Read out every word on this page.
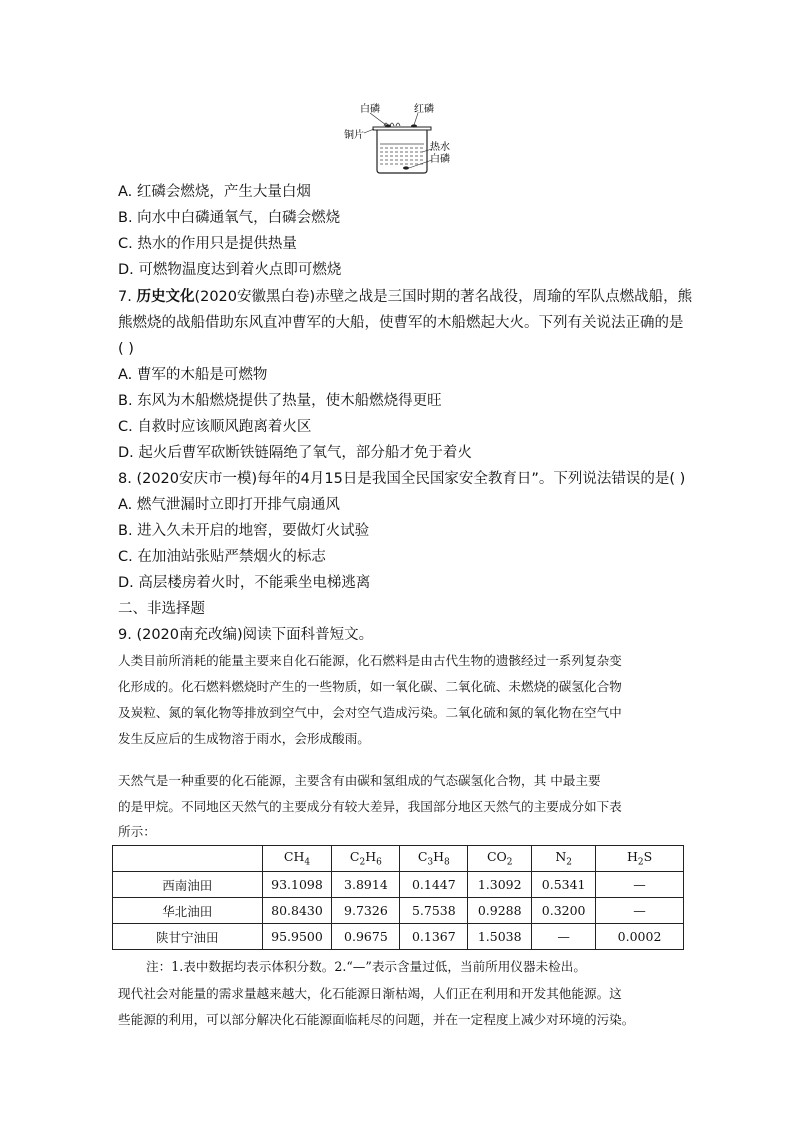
白磷	红磷
铜片
热水
白磷
A. 红磷会燃烧，产生大量白烟
B. 向水中白磷通氧气，白磷会燃烧
C. 热水的作用只是提供热量
D. 可燃物温度达到着火点即可燃烧
7. 历史文化(2020安徽黑白卷)赤壁之战是三国时期的著名战役，周瑜的军队点燃战船，熊
熊燃烧的战船借助东风直冲曹军的大船，使曹军的木船燃起大火。下列有关说法正确的是
( )
A. 曹军的木船是可燃物
B. 东风为木船燃烧提供了热量，使木船燃烧得更旺
C. 自救时应该顺风跑离着火区
D. 起火后曹军砍断铁链隔绝了氧气，部分船才免于着火
8. (2020安庆市一模)每年的4月15日是我国全民国家安全教育日”。下列说法错误的是( )
A. 燃气泄漏时立即打开排气扇通风
B. 进入久未开启的地窖，要做灯火试验
C. 在加油站张贴严禁烟火的标志
D. 高层楼房着火时，不能乘坐电梯逃离
二、非选择题
9. (2020南充改编)阅读下面科普短文。
人类目前所消耗的能量主要来自化石能源，化石燃料是由古代生物的遗骸经过一系列复杂变
化形成的。化石燃料燃烧时产生的一些物质，如一氧化碳、二氧化硫、未燃烧的碳氢化合物
及炭粒、氮的氧化物等排放到空气中，会对空气造成污染。二氧化硫和氮的氧化物在空气中
发生反应后的生成物溶于雨水，会形成酸雨。
天然气是一种重要的化石能源，主要含有由碳和氢组成的气态碳氢化合物，其 中最主要
的是甲烷。不同地区天然气的主要成分有较大差异，我国部分地区天然气的主要成分如下表
所示：
	$CH_4$	$C_2H_6$	$C_3H_8$	$CO_2$	$N_2$	$H_2S$
西南油田	93.1098	3.8914	0.1447	1.3092	0.5341	—
华北油田	80.8430	9.7326	5.7538	0.9288	0.3200	—
陕甘宁油田	95.9500	0.9675	0.1367	1.5038	—	0.0002
注：1.表中数据均表示体积分数。2.“—”表示含量过低，当前所用仪器未检出。
现代社会对能量的需求量越来越大，化石能源日渐枯竭，人们正在利用和开发其他能源。这
些能源的利用，可以部分解决化石能源面临耗尽的问题，并在一定程度上减少对环境的污染。
